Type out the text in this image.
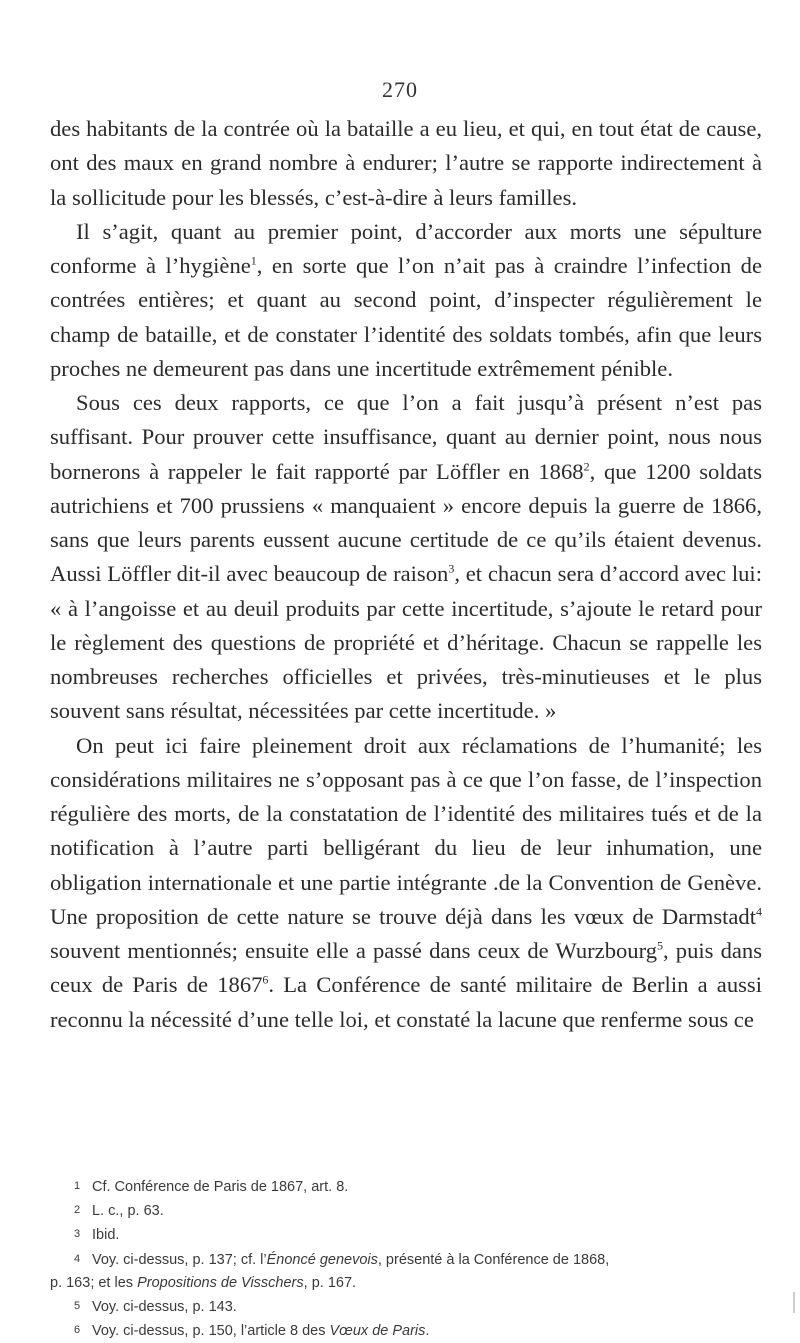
270

des habitants de la contrée où la bataille a eu lieu, et qui, en tout état de cause, ont des maux en grand nombre à endurer; l’autre se rapporte indirectement à la sollicitude pour les blessés, c’est-à-dire à leurs familles.

Il s’agit, quant au premier point, d’accorder aux morts une sépulture conforme à l’hygiène$^1$, en sorte que l’on n’ait pas à craindre l’infection de contrées entières; et quant au second point, d’inspecter régulièrement le champ de bataille, et de constater l’identité des soldats tombés, afin que leurs proches ne demeurent pas dans une incertitude extrêmement pénible.

Sous ces deux rapports, ce que l’on a fait jusqu’à présent n’est pas suffisant. Pour prouver cette insuffisance, quant au dernier point, nous nous bornerons à rappeler le fait rapporté par Löffler en 1868$^2$, que 1200 soldats autrichiens et 700 prussiens « manquaient » encore depuis la guerre de 1866, sans que leurs parents eussent aucune certitude de ce qu’ils étaient devenus. Aussi Löffler dit-il avec beaucoup de raison$^3$, et chacun sera d’accord avec lui: « à l’angoisse et au deuil produits par cette incertitude, s’ajoute le retard pour le règlement des questions de propriété et d’héritage. Chacun se rappelle les nombreuses recherches officielles et privées, très-minutieuses et le plus souvent sans résultat, nécessitées par cette incertitude. »

On peut ici faire pleinement droit aux réclamations de l’humanité; les considérations militaires ne s’opposant pas à ce que l’on fasse, de l’inspection régulière des morts, de la constatation de l’identité des militaires tués et de la notification à l’autre parti belligérant du lieu de leur inhumation, une obligation internationale et une partie intégrante .de la Convention de Genève. Une proposition de cette nature se trouve déjà dans les vœux de Darmstadt$^4$ souvent mentionnés; ensuite elle a passé dans ceux de Wurzbourg$^5$, puis dans ceux de Paris de 1867$^6$. La Conférence de santé militaire de Berlin a aussi reconnu la nécessité d’une telle loi, et constaté la lacune que renferme sous ce

1 Cf. Conférence de Paris de 1867, art. 8.

2 L. c., p. 63.

3 Ibid.

4 Voy. ci-dessus, p. 137; cf. l’Énoncé genevois, présenté à la Conférence de 1868,

p. 163; et les Propositions de Visschers, p. 167.

5 Voy. ci-dessus, p. 143.

6 Voy. ci-dessus, p. 150, l’article 8 des Vœux de Paris.
